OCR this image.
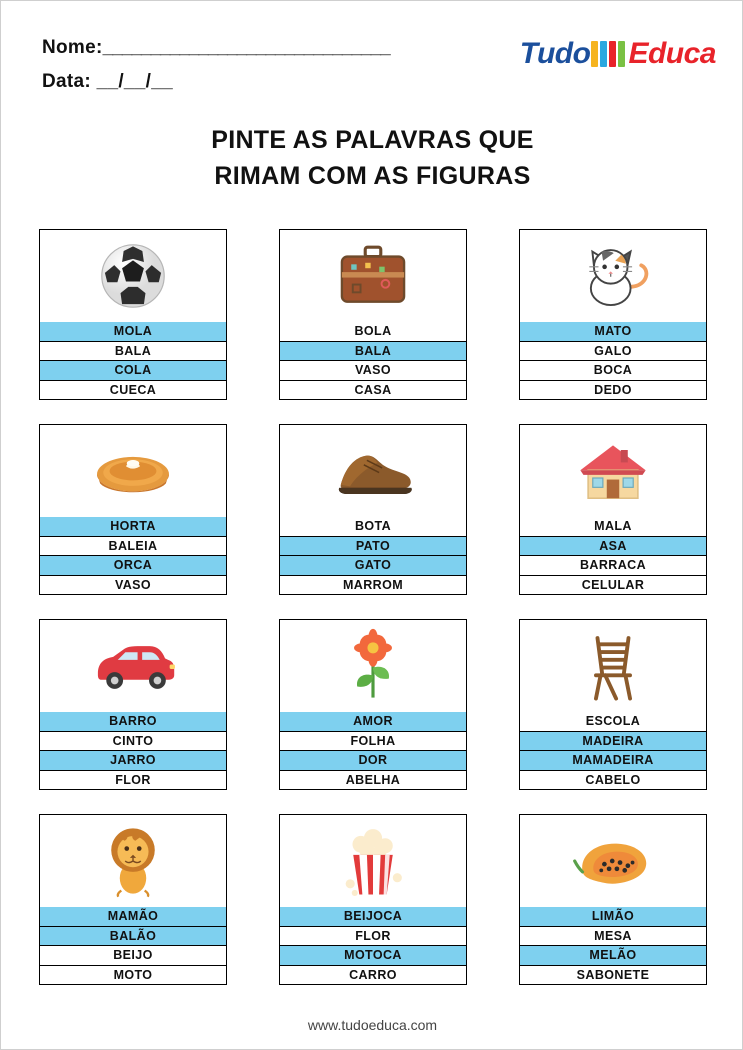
Nome:______________________________
Data: __/__/__
Tudo Educa
PINTE AS PALAVRAS QUE
RIMAM COM AS FIGURAS
MOLA
BALA
COLA
CUECA
BOLA
BALA
VASO
CASA
MATO
GALO
BOCA
DEDO
HORTA
BALEIA
ORCA
VASO
BOTA
PATO
GATO
MARROM
MALA
ASA
BARRACA
CELULAR
BARRO
CINTO
JARRO
FLOR
AMOR
FOLHA
DOR
ABELHA
ESCOLA
MADEIRA
MAMADEIRA
CABELO
MAMÃO
BALÃO
BEIJO
MOTO
BEIJOCA
FLOR
MOTOCA
CARRO
LIMÃO
MESA
MELÃO
SABONETE
www.tudoeduca.com
